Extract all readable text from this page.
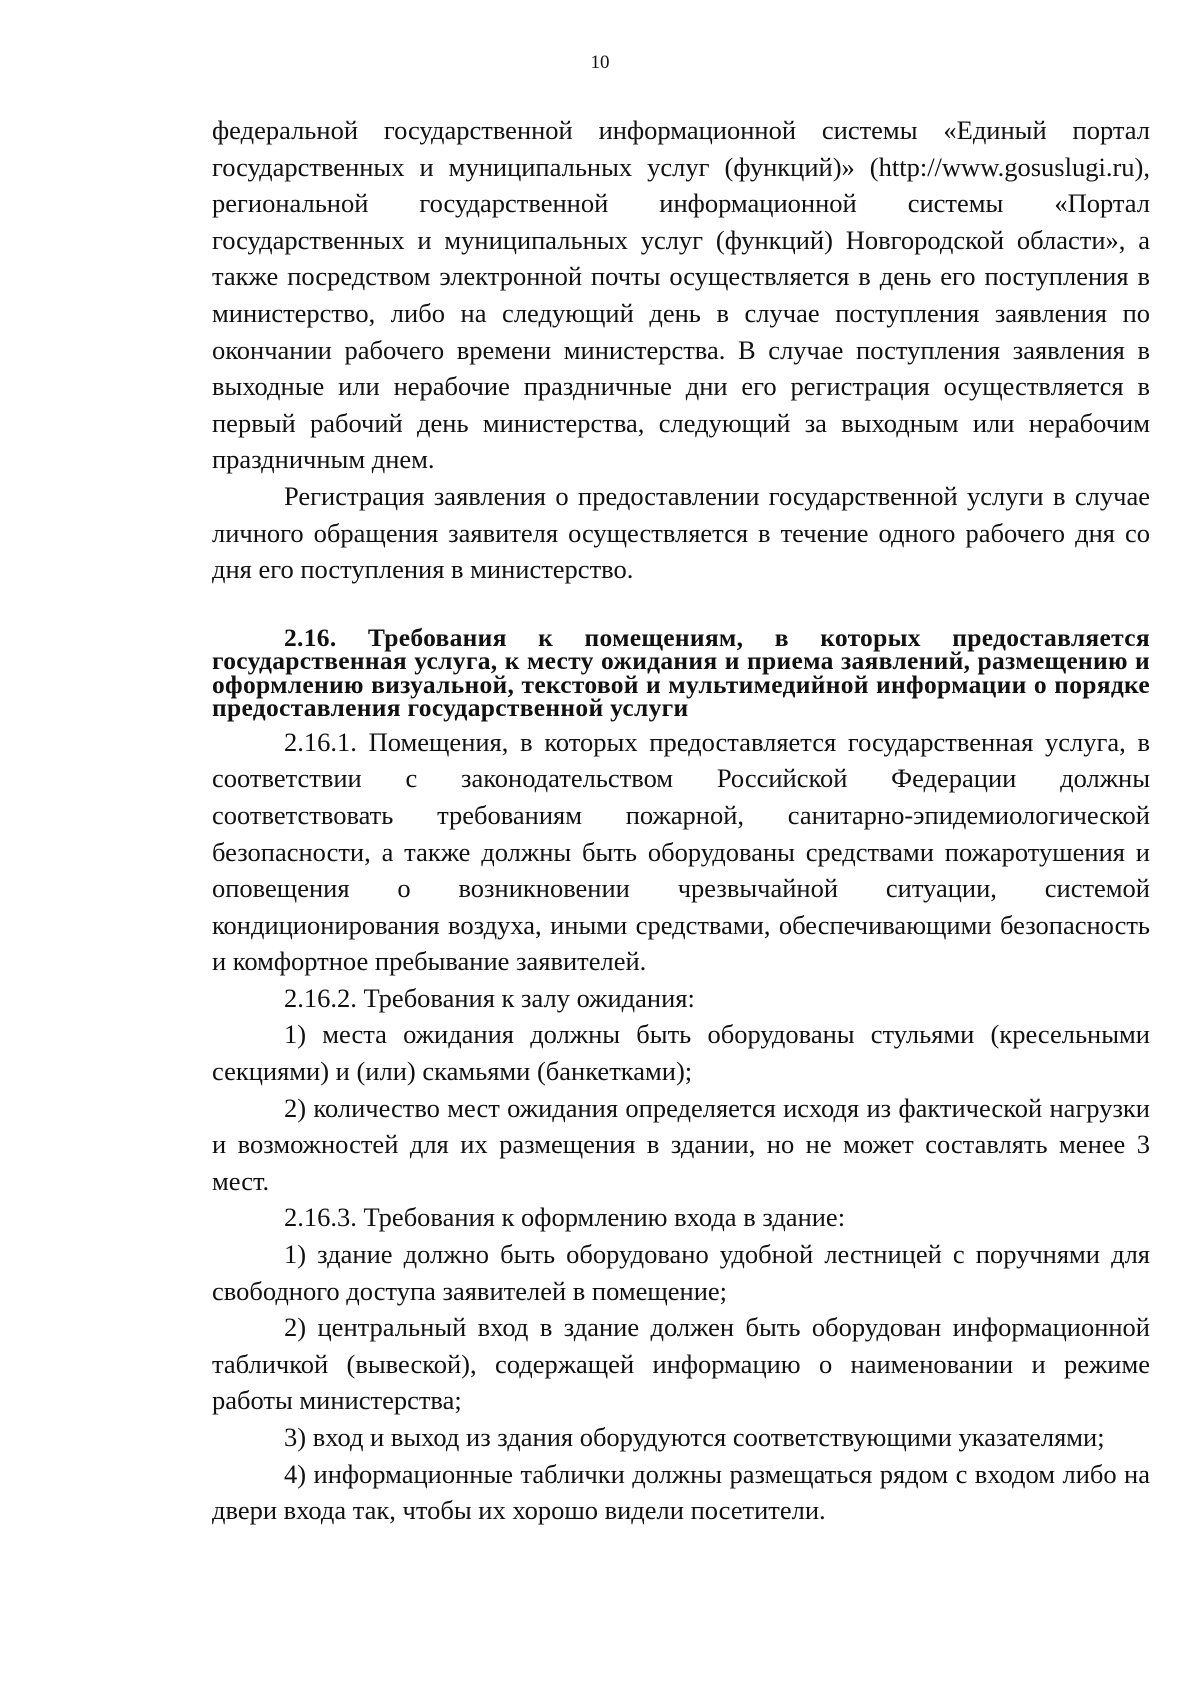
10

федеральной государственной информационной системы «Единый портал государственных и муниципальных услуг (функций)» (http://www.gosuslugi.ru), региональной государственной информационной системы «Портал государственных и муниципальных услуг (функций) Новгородской области», а также посредством электронной почты осуществляется в день его поступления в министерство, либо на следующий день в случае поступления заявления по окончании рабочего времени министерства. В случае поступления заявления в выходные или нерабочие праздничные дни его регистрация осуществляется в первый рабочий день министерства, следующий за выходным или нерабочим праздничным днем.

Регистрация заявления о предоставлении государственной услуги в случае личного обращения заявителя осуществляется в течение одного рабочего дня со дня его поступления в министерство.

2.16. Требования к помещениям, в которых предоставляется государственная услуга, к месту ожидания и приема заявлений, размещению и оформлению визуальной, текстовой и мультимедийной информации о порядке предоставления государственной услуги

2.16.1. Помещения, в которых предоставляется государственная услуга, в соответствии с законодательством Российской Федерации должны соответствовать требованиям пожарной, санитарно-эпидемиологической безопасности, а также должны быть оборудованы средствами пожаротушения и оповещения о возникновении чрезвычайной ситуации, системой кондиционирования воздуха, иными средствами, обеспечивающими безопасность и комфортное пребывание заявителей.

2.16.2. Требования к залу ожидания:

1) места ожидания должны быть оборудованы стульями (кресельными секциями) и (или) скамьями (банкетками);

2) количество мест ожидания определяется исходя из фактической нагрузки и возможностей для их размещения в здании, но не может составлять менее 3 мест.

2.16.3. Требования к оформлению входа в здание:

1) здание должно быть оборудовано удобной лестницей с поручнями для свободного доступа заявителей в помещение;

2) центральный вход в здание должен быть оборудован информационной табличкой (вывеской), содержащей информацию о наименовании и режиме работы министерства;

3) вход и выход из здания оборудуются соответствующими указателями;

4) информационные таблички должны размещаться рядом с входом либо на двери входа так, чтобы их хорошо видели посетители.
